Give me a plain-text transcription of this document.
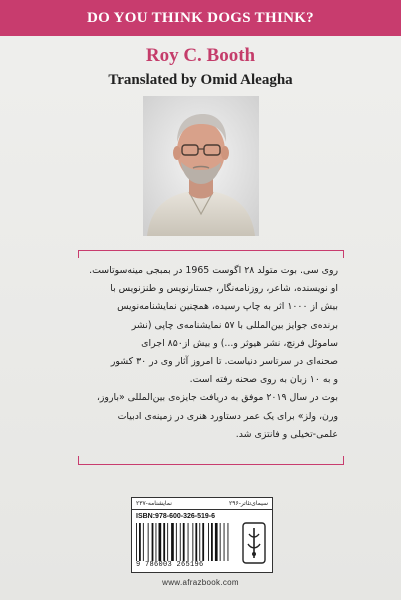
DO YOU THINK DOGS THINK?
Roy C. Booth
Translated by Omid Aleagha

روی سی. بوت متولد ۲۸ اگوست 1965 در بمبجی مینه‌سوتاست.

او نویسنده، شاعر، روزنامه‌نگار، جستارنویس و طنزنویس با

بیش از ۱۰۰۰ اثر به چاپ رسیده، همچنین نمایشنامه‌نویس

برنده‌ی جوایز بین‌المللی با ۵۷ نمایشنامه‌ی چاپی (نشر

ساموئل فرنچ، نشر هیوثر و...) و بیش از۸۵۰ اجرای

صحنه‌ای در سرتاسر دنیاست. تا امروز آثار وی در ۳۰ کشور

و به ۱۰ زبان به روی صحنه رفته است.

بوت در سال ۲۰۱۹ موفق به دریافت جایزه‌ی بین‌المللی «باروز،

ورن، ولز» برای یک عمر دستاورد هنری در زمینه‌ی ادبیات

علمی-تخیلی و فانتزی شد.

سیمای‌تئاتر-۲۹۶
نمایشنامه-۲۳۷
ISBN:978-600-326-519-6
9 786003 265196
www.afrazbook.com
